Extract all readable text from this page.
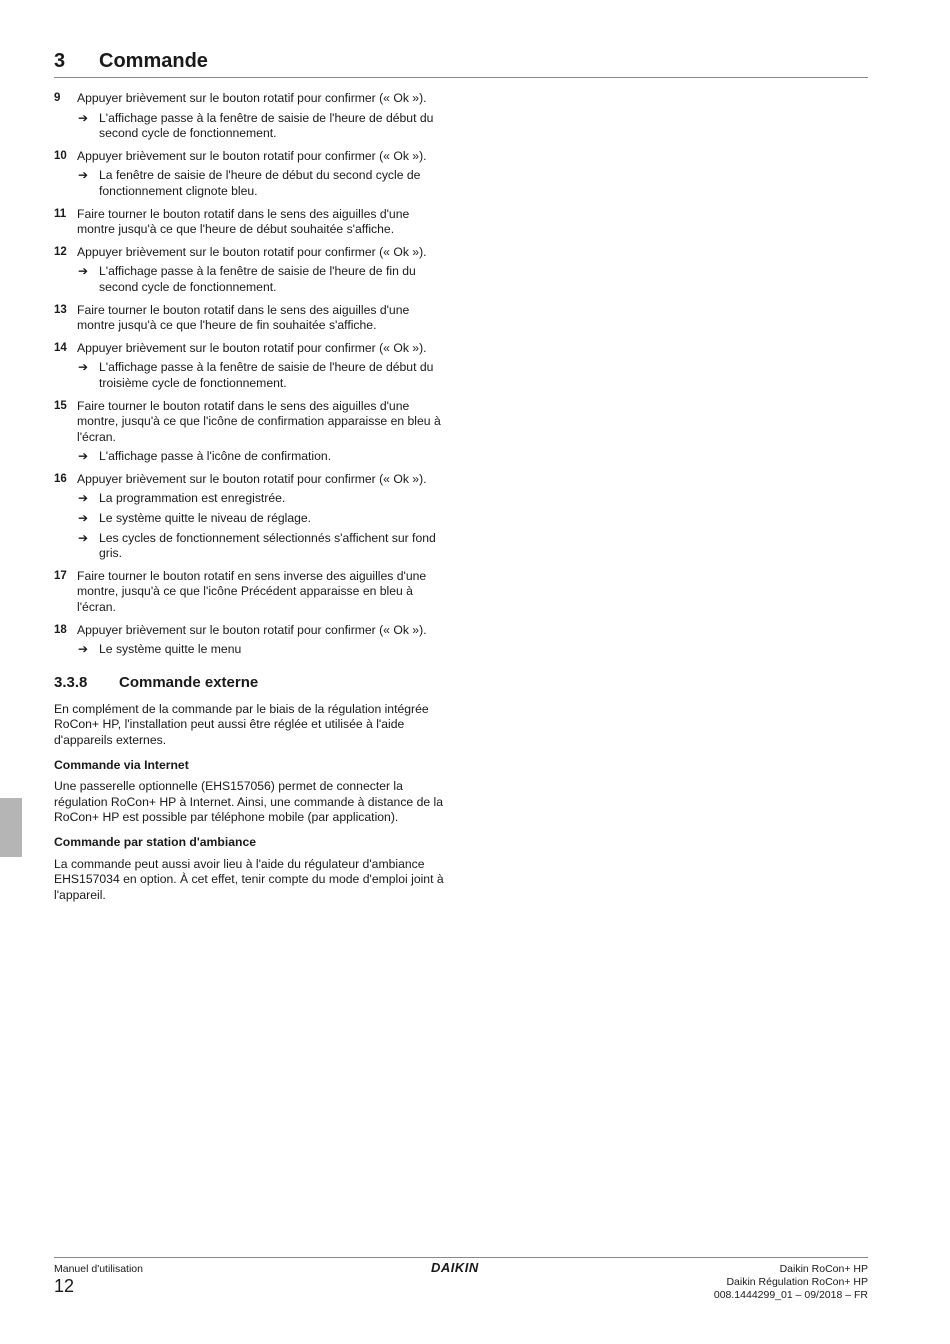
3 Commande
9 Appuyer brièvement sur le bouton rotatif pour confirmer (« Ok »).
➔ L'affichage passe à la fenêtre de saisie de l'heure de début du second cycle de fonctionnement.
10 Appuyer brièvement sur le bouton rotatif pour confirmer (« Ok »).
➔ La fenêtre de saisie de l'heure de début du second cycle de fonctionnement clignote bleu.
11 Faire tourner le bouton rotatif dans le sens des aiguilles d'une montre jusqu'à ce que l'heure de début souhaitée s'affiche.
12 Appuyer brièvement sur le bouton rotatif pour confirmer (« Ok »).
➔ L'affichage passe à la fenêtre de saisie de l'heure de fin du second cycle de fonctionnement.
13 Faire tourner le bouton rotatif dans le sens des aiguilles d'une montre jusqu'à ce que l'heure de fin souhaitée s'affiche.
14 Appuyer brièvement sur le bouton rotatif pour confirmer (« Ok »).
➔ L'affichage passe à la fenêtre de saisie de l'heure de début du troisième cycle de fonctionnement.
15 Faire tourner le bouton rotatif dans le sens des aiguilles d'une montre, jusqu'à ce que l'icône de confirmation apparaisse en bleu à l'écran.
➔ L'affichage passe à l'icône de confirmation.
16 Appuyer brièvement sur le bouton rotatif pour confirmer (« Ok »).
➔ La programmation est enregistrée.
➔ Le système quitte le niveau de réglage.
➔ Les cycles de fonctionnement sélectionnés s'affichent sur fond gris.
17 Faire tourner le bouton rotatif en sens inverse des aiguilles d'une montre, jusqu'à ce que l'icône Précédent apparaisse en bleu à l'écran.
18 Appuyer brièvement sur le bouton rotatif pour confirmer (« Ok »).
➔ Le système quitte le menu
3.3.8 Commande externe
En complément de la commande par le biais de la régulation intégrée RoCon+ HP, l'installation peut aussi être réglée et utilisée à l'aide d'appareils externes.
Commande via Internet
Une passerelle optionnelle (EHS157056) permet de connecter la régulation RoCon+ HP à Internet. Ainsi, une commande à distance de la RoCon+ HP est possible par téléphone mobile (par application).
Commande par station d'ambiance
La commande peut aussi avoir lieu à l'aide du régulateur d'ambiance EHS157034 en option. À cet effet, tenir compte du mode d'emploi joint à l'appareil.
Manuel d'utilisation
12
DAIKIN	Daikin RoCon+ HP
Daikin Régulation RoCon+ HP
008.1444299_01 – 09/2018 – FR
